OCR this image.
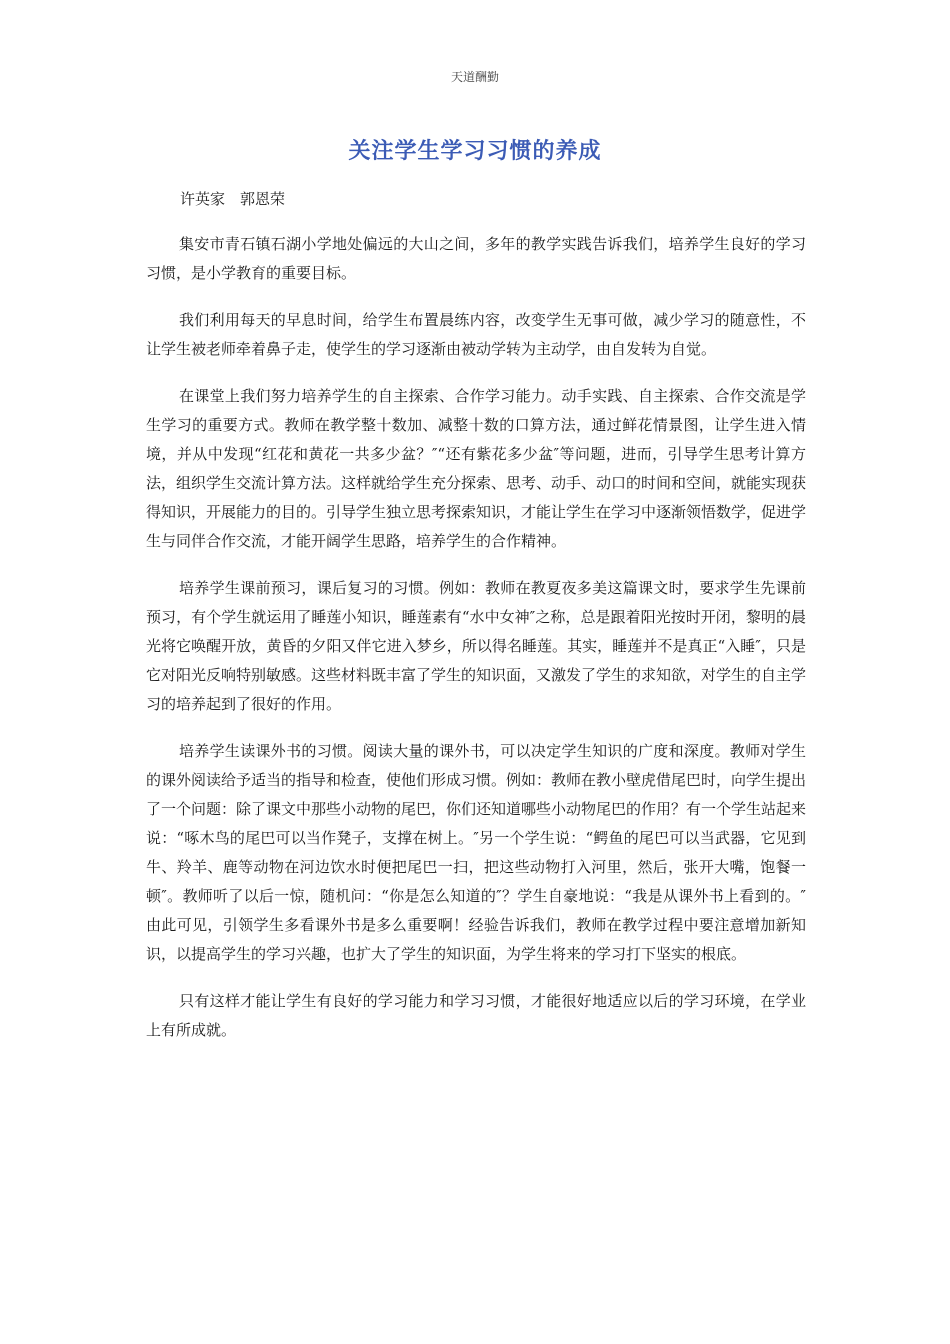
天道酬勤
关注学生学习习惯的养成
许英家　郭恩荣

集安市青石镇石湖小学地处偏远的大山之间，多年的教学实践告诉我们，培养学生良好的学习习惯，是小学教育的重要目标。

我们利用每天的早息时间，给学生布置晨练内容，改变学生无事可做，减少学习的随意性，不让学生被老师牵着鼻子走，使学生的学习逐渐由被动学转为主动学，由自发转为自觉。

在课堂上我们努力培养学生的自主探索、合作学习能力。动手实践、自主探索、合作交流是学生学习的重要方式。教师在教学整十数加、减整十数的口算方法，通过鲜花情景图，让学生进入情境，并从中发现“红花和黄花一共多少盆？″“还有紫花多少盆″等问题，进而，引导学生思考计算方法，组织学生交流计算方法。这样就给学生充分探索、思考、动手、动口的时间和空间，就能实现获得知识，开展能力的目的。引导学生独立思考探索知识，才能让学生在学习中逐渐领悟数学，促进学生与同伴合作交流，才能开阔学生思路，培养学生的合作精神。

培养学生课前预习，课后复习的习惯。例如：教师在教夏夜多美这篇课文时，要求学生先课前预习，有个学生就运用了睡莲小知识，睡莲素有“水中女神″之称，总是跟着阳光按时开闭，黎明的晨光将它唤醒开放，黄昏的夕阳又伴它进入梦乡，所以得名睡莲。其实，睡莲并不是真正“入睡″，只是它对阳光反响特别敏感。这些材料既丰富了学生的知识面，又激发了学生的求知欲，对学生的自主学习的培养起到了很好的作用。

培养学生读课外书的习惯。阅读大量的课外书，可以决定学生知识的广度和深度。教师对学生的课外阅读给予适当的指导和检查，使他们形成习惯。例如：教师在教小壁虎借尾巴时，向学生提出了一个问题：除了课文中那些小动物的尾巴，你们还知道哪些小动物尾巴的作用？有一个学生站起来说：“啄木鸟的尾巴可以当作凳子，支撑在树上。″另一个学生说：“鳄鱼的尾巴可以当武器，它见到牛、羚羊、鹿等动物在河边饮水时便把尾巴一扫，把这些动物打入河里，然后，张开大嘴，饱餐一顿″。教师听了以后一惊，随机问：“你是怎么知道的″？学生自豪地说：“我是从课外书上看到的。″由此可见，引领学生多看课外书是多么重要啊！经验告诉我们，教师在教学过程中要注意增加新知识，以提高学生的学习兴趣，也扩大了学生的知识面，为学生将来的学习打下坚实的根底。

只有这样才能让学生有良好的学习能力和学习习惯，才能很好地适应以后的学习环境，在学业上有所成就。
